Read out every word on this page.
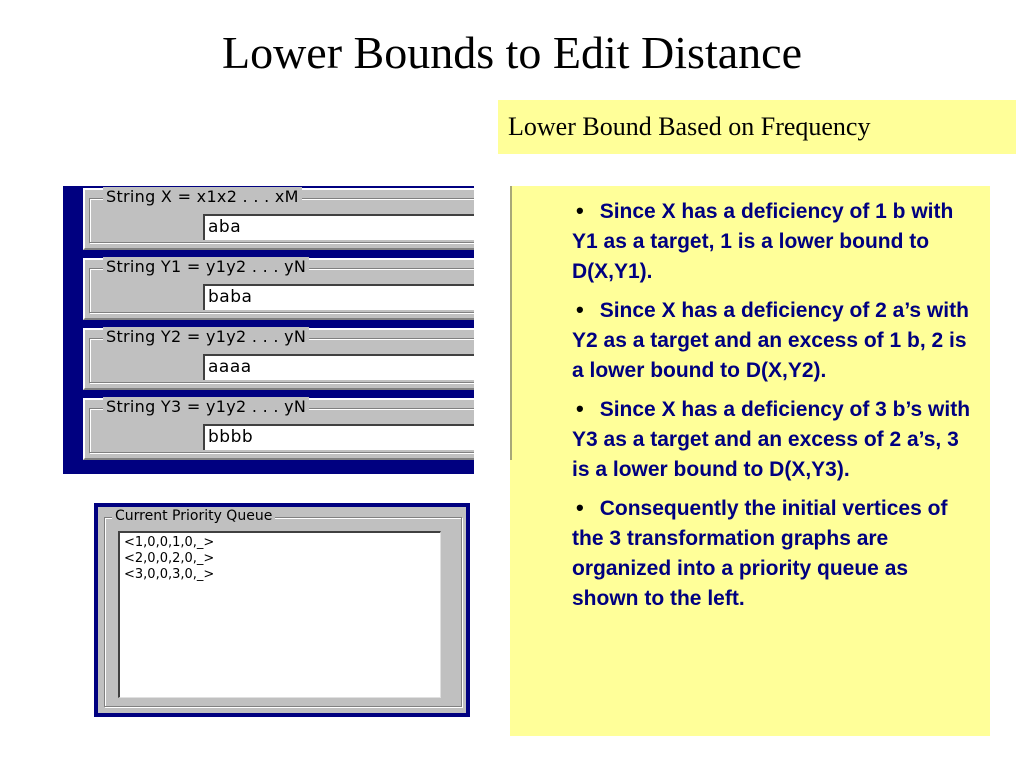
Lower Bounds to Edit Distance
Lower Bound Based on Frequency
String X = x1x2 . . . xM
aba
String Y1 = y1y2 . . . yN
baba
String Y2 = y1y2 . . . yN
aaaa
String Y3 = y1y2 . . . yN
bbbb
Current Priority Queue
<1,0,0,1,0,_>
<2,0,0,2,0,_>
<3,0,0,3,0,_>
• Since X has a deficiency of 1 b with Y1 as a target, 1 is a lower bound to D(X,Y1).
• Since X has a deficiency of 2 a’s with Y2 as a target and an excess of 1 b, 2 is a lower bound to D(X,Y2).
• Since X has a deficiency of 3 b’s with Y3 as a target and an excess of 2 a’s, 3 is a lower bound to D(X,Y3).
• Consequently the initial vertices of the 3 transformation graphs are organized into a priority queue as shown to the left.
